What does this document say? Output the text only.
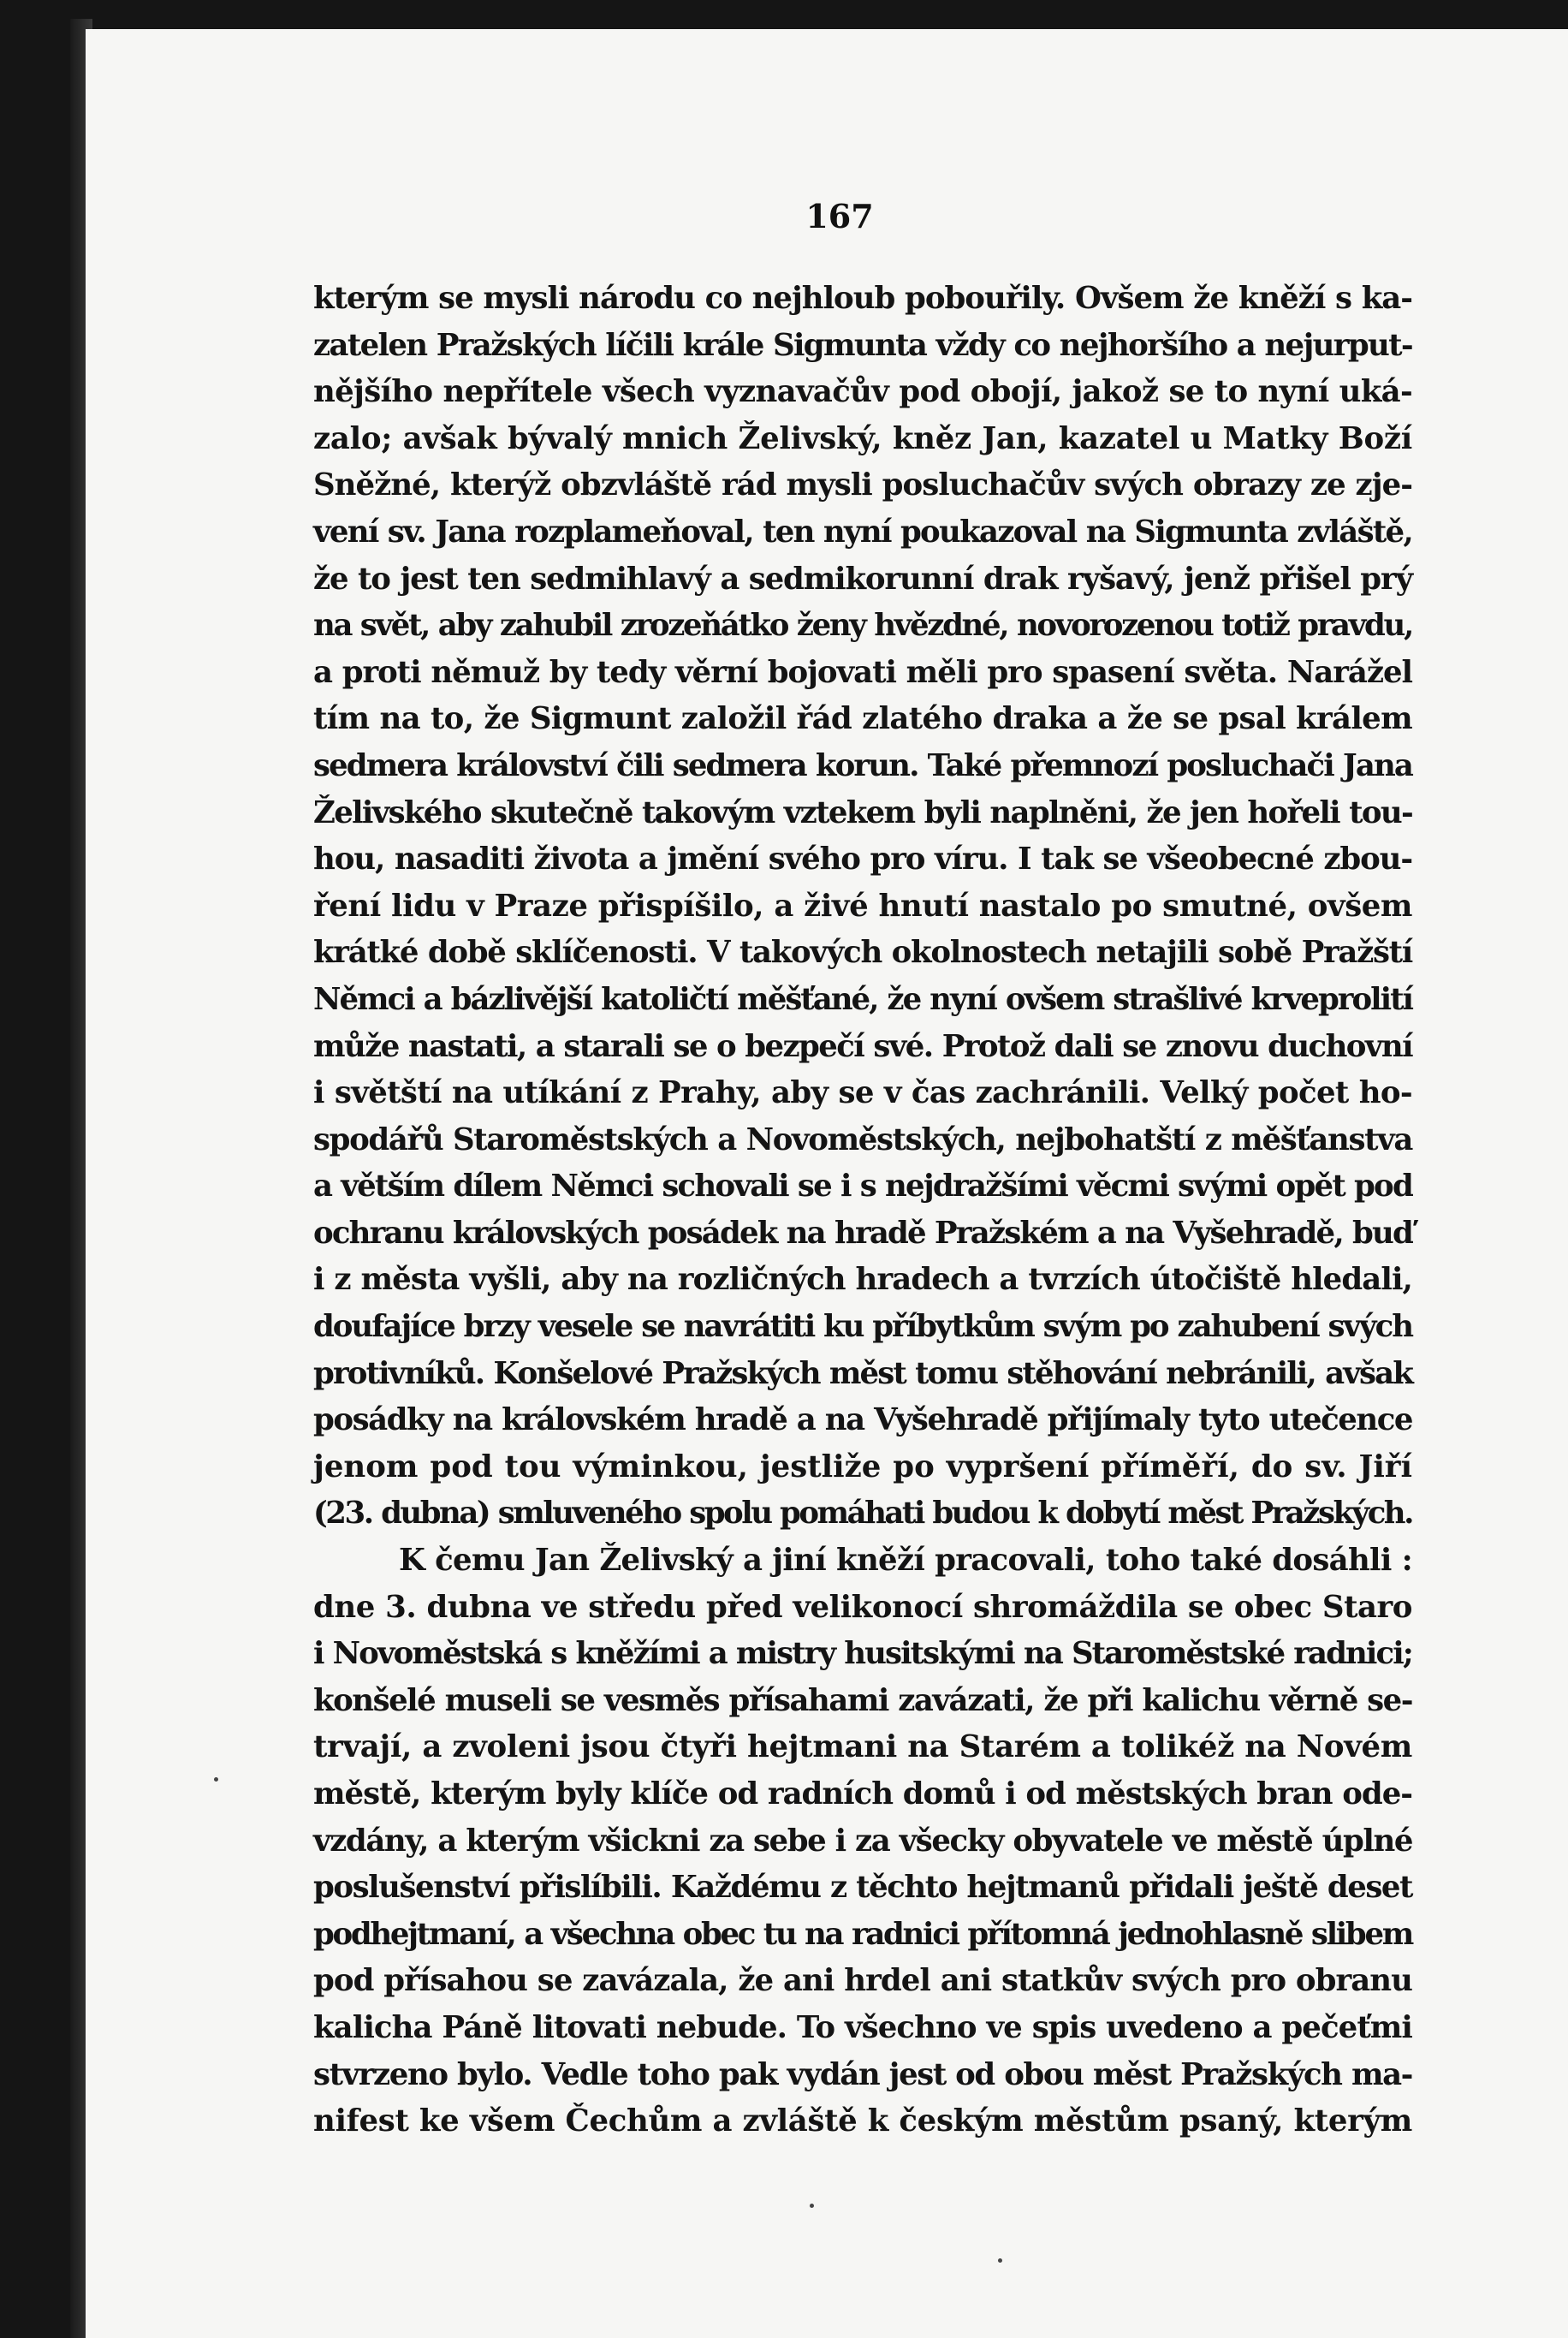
167
kterým se mysli národu co nejhloub pobouřily. Ovšem že kněží s ka-
zatelen Pražských líčili krále Sigmunta vždy co nejhoršího a nejurput-
nějšího nepřítele všech vyznavačův pod obojí, jakož se to nyní uká-
zalo; avšak bývalý mnich Želivský, kněz Jan, kazatel u Matky Boží
Sněžné, kterýž obzvláště rád mysli posluchačův svých obrazy ze zje-
vení sv. Jana rozplameňoval, ten nyní poukazoval na Sigmunta zvláště,
že to jest ten sedmihlavý a sedmikorunní drak ryšavý, jenž přišel prý
na svět, aby zahubil zrozeňátko ženy hvězdné, novorozenou totiž pravdu,
a proti němuž by tedy věrní bojovati měli pro spasení světa. Narážel
tím na to, že Sigmunt založil řád zlatého draka a že se psal králem
sedmera království čili sedmera korun. Také přemnozí posluchači Jana
Želivského skutečně takovým vztekem byli naplněni, že jen hořeli tou-
hou, nasaditi života a jmění svého pro víru. I tak se všeobecné zbou-
ření lidu v Praze přispíšilo, a živé hnutí nastalo po smutné, ovšem
krátké době sklíčenosti. V takových okolnostech netajili sobě Pražští
Němci a bázlivější katoličtí měšťané, že nyní ovšem strašlivé krveprolití
může nastati, a starali se o bezpečí své. Protož dali se znovu duchovní
i světští na utíkání z Prahy, aby se v čas zachránili. Velký počet ho-
spodářů Staroměstských a Novoměstských, nejbohatští z měšťanstva
a větším dílem Němci schovali se i s nejdražšími věcmi svými opět pod
ochranu královských posádek na hradě Pražském a na Vyšehradě, buď
i z města vyšli, aby na rozličných hradech a tvrzích útočiště hledali,
doufajíce brzy vesele se navrátiti ku příbytkům svým po zahubení svých
protivníků. Konšelové Pražských měst tomu stěhování nebránili, avšak
posádky na královském hradě a na Vyšehradě přijímaly tyto utečence
jenom pod tou výminkou, jestliže po vypršení příměří, do sv. Jiří
(23. dubna) smluveného spolu pomáhati budou k dobytí měst Pražských.
K čemu Jan Želivský a jiní kněží pracovali, toho také dosáhli :
dne 3. dubna ve středu před velikonocí shromáždila se obec Staro
i Novoměstská s kněžími a mistry husitskými na Staroměstské radnici;
konšelé museli se vesměs přísahami zavázati, že při kalichu věrně se-
trvají, a zvoleni jsou čtyři hejtmani na Starém a tolikéž na Novém
městě, kterým byly klíče od radních domů i od městských bran ode-
vzdány, a kterým všickni za sebe i za všecky obyvatele ve městě úplné
poslušenství přislíbili. Každému z těchto hejtmanů přidali ještě deset
podhejtmaní, a všechna obec tu na radnici přítomná jednohlasně slibem
pod přísahou se zavázala, že ani hrdel ani statkův svých pro obranu
kalicha Páně litovati nebude. To všechno ve spis uvedeno a pečeťmi
stvrzeno bylo. Vedle toho pak vydán jest od obou měst Pražských ma-
nifest ke všem Čechům a zvláště k českým městům psaný, kterým
